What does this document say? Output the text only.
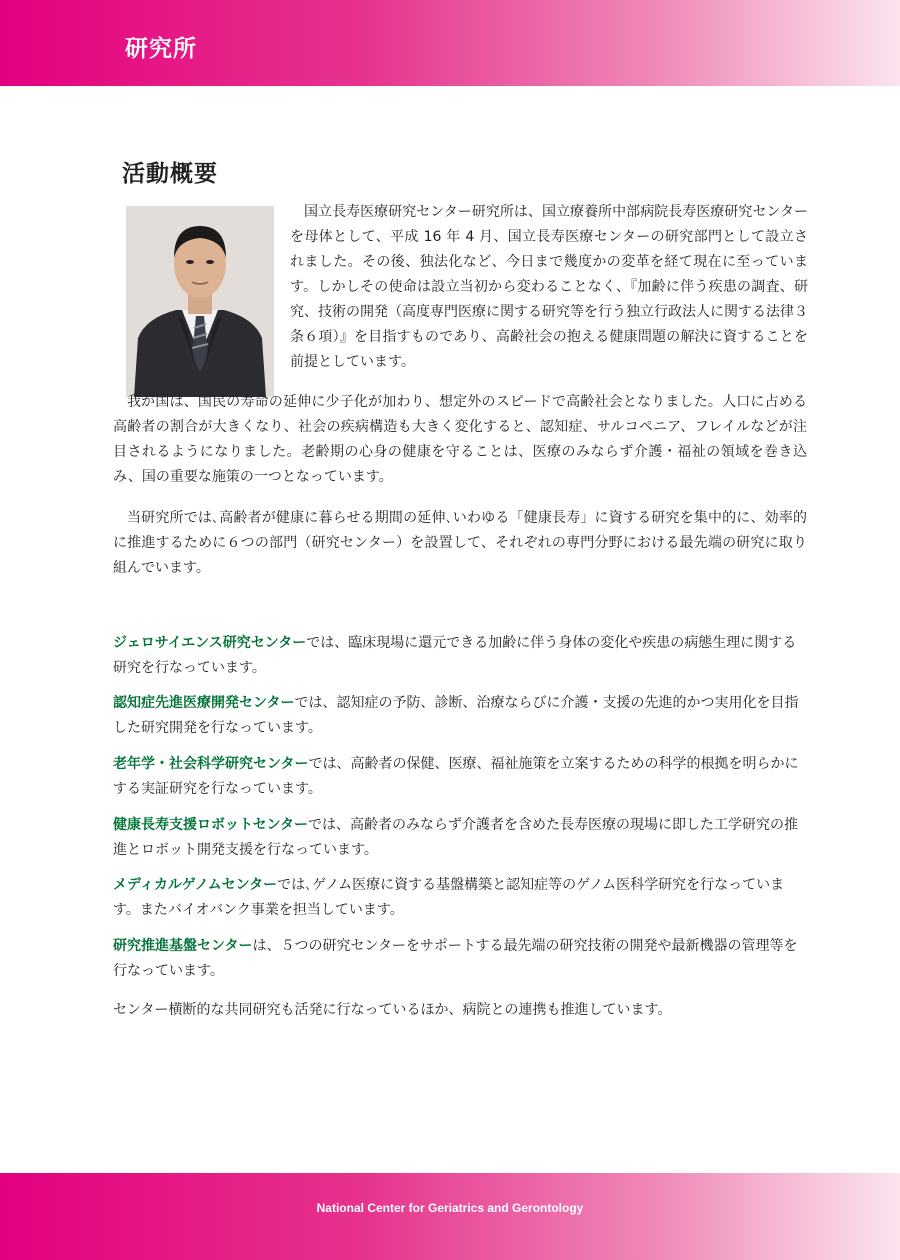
研究所
活動概要
国立長寿医療研究センター研究所は、国立療養所中部病院長寿医療研究センターを母体として、平成 16 年 4 月、国立長寿医療センターの研究部門として設立されました。その後、独法化など、今日まで幾度かの変革を経て現在に至っています。しかしその使命は設立当初から変わることなく、『加齢に伴う疾患の調査、研究、技術の開発（高度専門医療に関する研究等を行う独立行政法人に関する法律３条６項）』を目指すものであり、高齢社会の抱える健康問題の解決に資することを前提としています。
我が国は、国民の寿命の延伸に少子化が加わり、想定外のスピードで高齢社会となりました。人口に占める高齢者の割合が大きくなり、社会の疾病構造も大きく変化すると、認知症、サルコペニア、フレイルなどが注目されるようになりました。老齢期の心身の健康を守ることは、医療のみならず介護・福祉の領域を巻き込み、国の重要な施策の一つとなっています。
当研究所では､高齢者が健康に暮らせる期間の延伸､いわゆる「健康長寿」に資する研究を集中的に、効率的に推進するために６つの部門（研究センター）を設置して、それぞれの専門分野における最先端の研究に取り組んでいます。
ジェロサイエンス研究センターでは、臨床現場に還元できる加齢に伴う身体の変化や疾患の病態生理に関する研究を行なっています。
認知症先進医療開発センターでは、認知症の予防、診断、治療ならびに介護・支援の先進的かつ実用化を目指した研究開発を行なっています。
老年学・社会科学研究センターでは、高齢者の保健、医療、福祉施策を立案するための科学的根拠を明らかにする実証研究を行なっています。
健康長寿支援ロボットセンターでは、高齢者のみならず介護者を含めた長寿医療の現場に即した工学研究の推進とロボット開発支援を行なっています。
メディカルゲノムセンターでは､ゲノム医療に資する基盤構築と認知症等のゲノム医科学研究を行なっています。またバイオバンク事業を担当しています。
研究推進基盤センターは、５つの研究センターをサポートする最先端の研究技術の開発や最新機器の管理等を行なっています。
センター横断的な共同研究も活発に行なっているほか、病院との連携も推進しています。
National Center for Geriatrics and Gerontology
